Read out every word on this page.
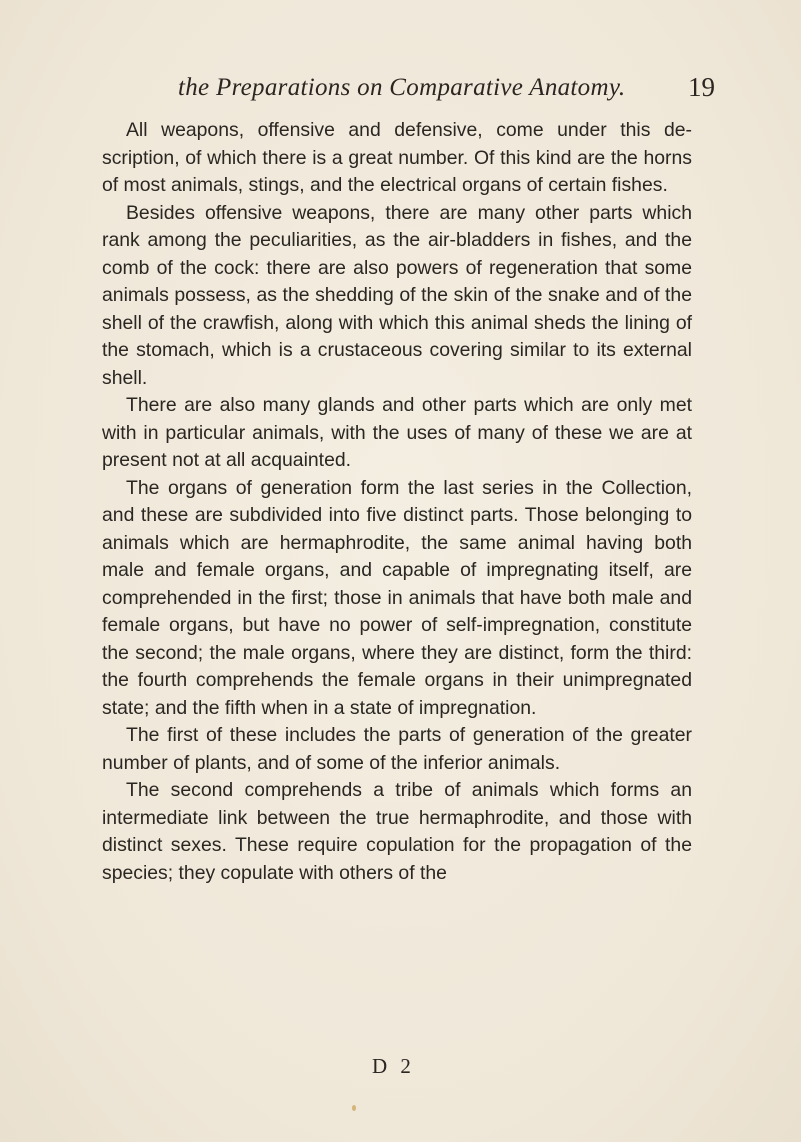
the Preparations on Comparative Anatomy. 19

All weapons, offensive and defensive, come under this description, of which there is a great number. Of this kind are the horns of most animals, stings, and the electrical organs of certain fishes.

Besides offensive weapons, there are many other parts which rank among the peculiarities, as the air-bladders in fishes, and the comb of the cock: there are also powers of regeneration that some animals possess, as the shedding of the skin of the snake and of the shell of the crawfish, along with which this animal sheds the lining of the stomach, which is a crustaceous covering similar to its external shell.

There are also many glands and other parts which are only met with in particular animals, with the uses of many of these we are at present not at all acquainted.

The organs of generation form the last series in the Collection, and these are subdivided into five distinct parts. Those belonging to animals which are hermaphrodite, the same animal having both male and female organs, and capable of impregnating itself, are comprehended in the first; those in animals that have both male and female organs, but have no power of self-impregnation, constitute the second; the male organs, where they are distinct, form the third: the fourth comprehends the female organs in their unimpregnated state; and the fifth when in a state of impregnation.

The first of these includes the parts of generation of the greater number of plants, and of some of the inferior animals.

The second comprehends a tribe of animals which forms an intermediate link between the true hermaphrodite, and those with distinct sexes. These require copulation for the propagation of the species; they copulate with others of the

D 2
